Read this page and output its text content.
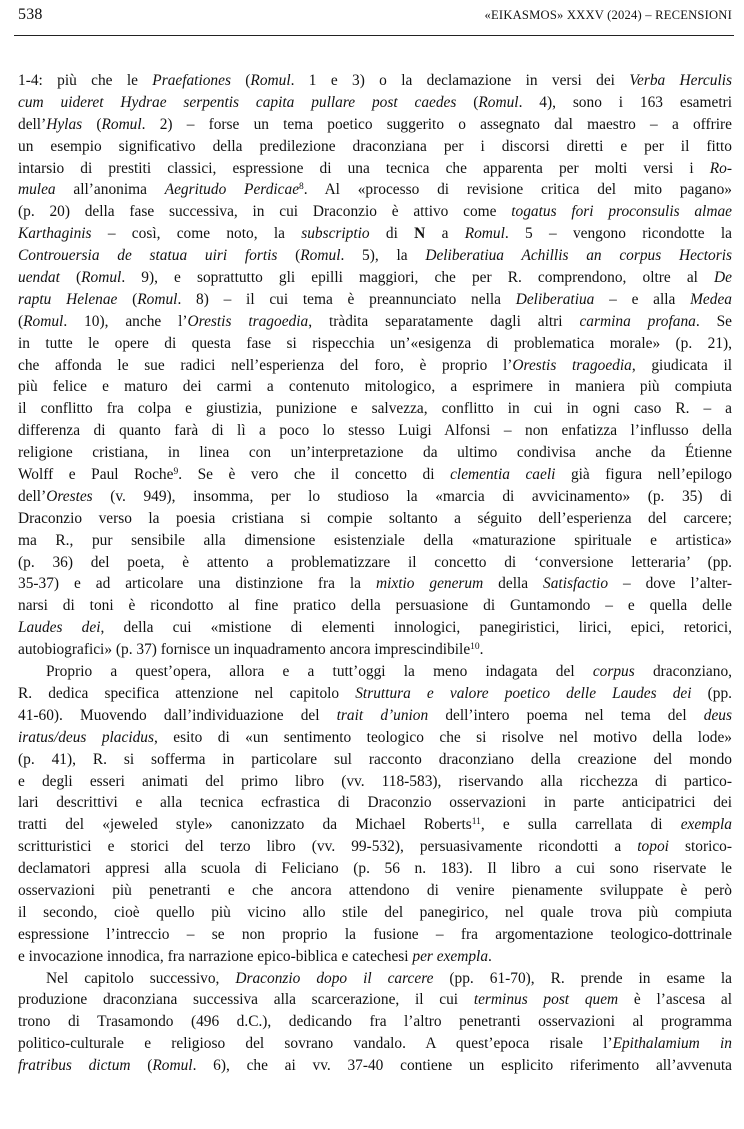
538	«EIKASMOS» XXXV (2024) – RECENSIONI
1-4: più che le Praefationes (Romul. 1 e 3) o la declamazione in versi dei Verba Herculis
cum uideret Hydrae serpentis capita pullare post caedes (Romul. 4), sono i 163 esametri
dell’Hylas (Romul. 2) – forse un tema poetico suggerito o assegnato dal maestro – a offrire
un esempio significativo della predilezione draconziana per i discorsi diretti e per il fitto
intarsio di prestiti classici, espressione di una tecnica che apparenta per molti versi i Ro-
mulea all’anonima Aegritudo Perdicae$^8$. Al «processo di revisione critica del mito pagano»
(p. 20) della fase successiva, in cui Draconzio è attivo come togatus fori proconsulis almae
Karthaginis – così, come noto, la subscriptio di N a Romul. 5 – vengono ricondotte la
Controuersia de statua uiri fortis (Romul. 5), la Deliberatiua Achillis an corpus Hectoris
uendat (Romul. 9), e soprattutto gli epilli maggiori, che per R. comprendono, oltre al De
raptu Helenae (Romul. 8) – il cui tema è preannunciato nella Deliberatiua – e alla Medea
(Romul. 10), anche l’Orestis tragoedia, tràdita separatamente dagli altri carmina profana. Se
in tutte le opere di questa fase si rispecchia un’«esigenza di problematica morale» (p. 21),
che affonda le sue radici nell’esperienza del foro, è proprio l’Orestis tragoedia, giudicata il
più felice e maturo dei carmi a contenuto mitologico, a esprimere in maniera più compiuta
il conflitto fra colpa e giustizia, punizione e salvezza, conflitto in cui in ogni caso R. – a
differenza di quanto farà di lì a poco lo stesso Luigi Alfonsi – non enfatizza l’influsso della
religione cristiana, in linea con un’interpretazione da ultimo condivisa anche da Étienne
Wolff e Paul Roche$^9$. Se è vero che il concetto di clementia caeli già figura nell’epilogo
dell’Orestes (v. 949), insomma, per lo studioso la «marcia di avvicinamento» (p. 35) di
Draconzio verso la poesia cristiana si compie soltanto a séguito dell’esperienza del carcere;
ma R., pur sensibile alla dimensione esistenziale della «maturazione spirituale e artistica»
(p. 36) del poeta, è attento a problematizzare il concetto di ‘conversione letteraria’ (pp.
35-37) e ad articolare una distinzione fra la mixtio generum della Satisfactio – dove l’alter-
narsi di toni è ricondotto al fine pratico della persuasione di Guntamondo – e quella delle
Laudes dei, della cui «mistione di elementi innologici, panegiristici, lirici, epici, retorici,
autobiografici» (p. 37) fornisce un inquadramento ancora imprescindibile$^{10}$.
Proprio a quest’opera, allora e a tutt’oggi la meno indagata del corpus draconziano,
R. dedica specifica attenzione nel capitolo Struttura e valore poetico delle Laudes dei (pp.
41-60). Muovendo dall’individuazione del trait d’union dell’intero poema nel tema del deus
iratus/deus placidus, esito di «un sentimento teologico che si risolve nel motivo della lode»
(p. 41), R. si sofferma in particolare sul racconto draconziano della creazione del mondo
e degli esseri animati del primo libro (vv. 118-583), riservando alla ricchezza di partico-
lari descrittivi e alla tecnica ecfrastica di Draconzio osservazioni in parte anticipatrici dei
tratti del «jeweled style» canonizzato da Michael Roberts$^{11}$, e sulla carrellata di exempla
scritturistici e storici del terzo libro (vv. 99-532), persuasivamente ricondotti a topoi storico-
declamatori appresi alla scuola di Feliciano (p. 56 n. 183). Il libro a cui sono riservate le
osservazioni più penetranti e che ancora attendono di venire pienamente sviluppate è però
il secondo, cioè quello più vicino allo stile del panegirico, nel quale trova più compiuta
espressione l’intreccio – se non proprio la fusione – fra argomentazione teologico-dottrinale
e invocazione innodica, fra narrazione epico-biblica e catechesi per exempla.
Nel capitolo successivo, Draconzio dopo il carcere (pp. 61-70), R. prende in esame la
produzione draconziana successiva alla scarcerazione, il cui terminus post quem è l’ascesa al
trono di Trasamondo (496 d.C.), dedicando fra l’altro penetranti osservazioni al programma
politico-culturale e religioso del sovrano vandalo. A quest’epoca risale l’Epithalamium in
fratribus dictum (Romul. 6), che ai vv. 37-40 contiene un esplicito riferimento all’avvenuta
